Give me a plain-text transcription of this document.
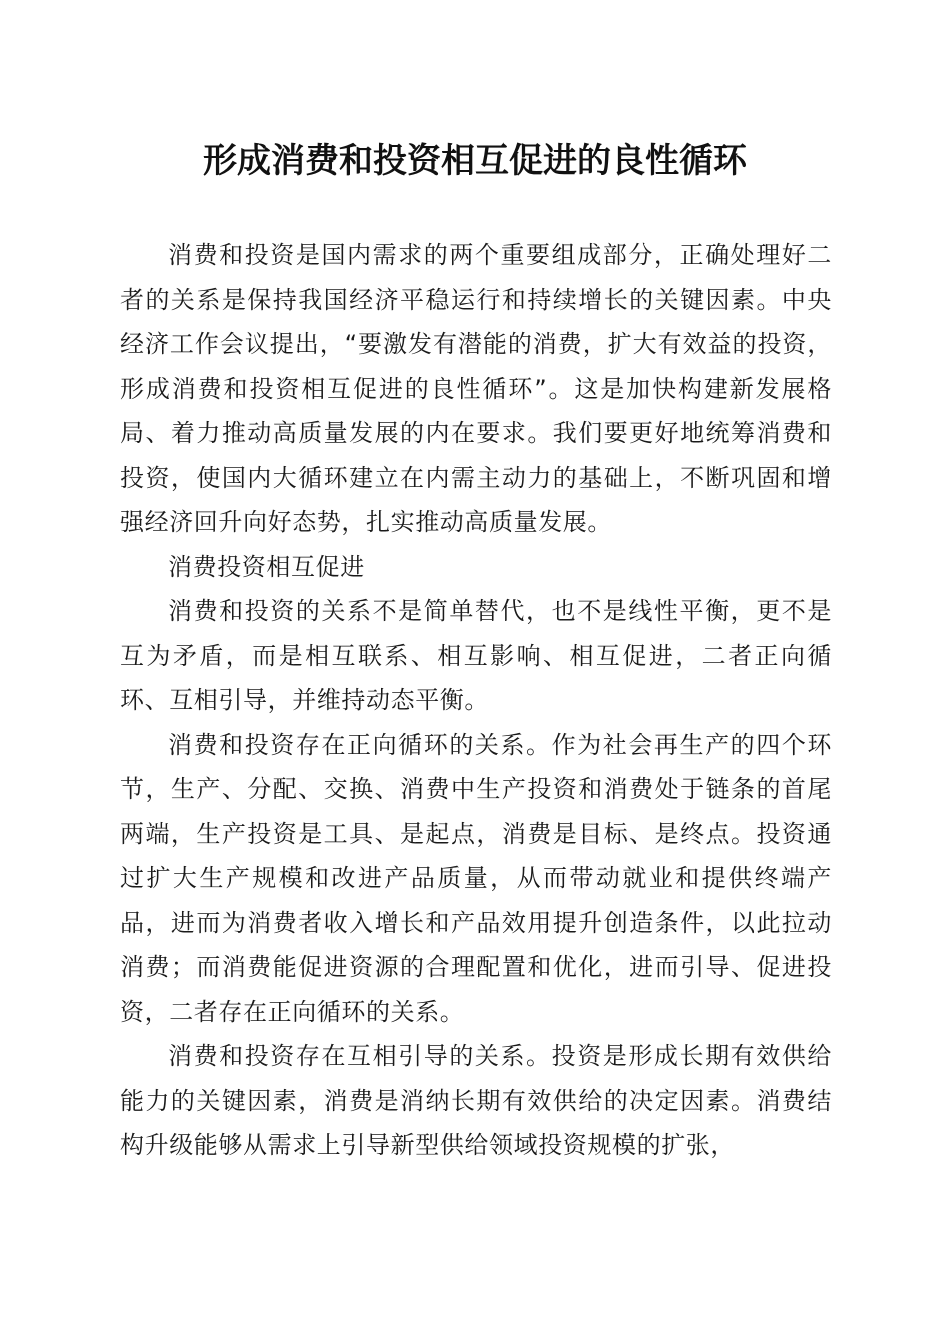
形成消费和投资相互促进的良性循环

消费和投资是国内需求的两个重要组成部分，正确处理好二者的关系是保持我国经济平稳运行和持续增长的关键因素。中央经济工作会议提出，“要激发有潜能的消费，扩大有效益的投资，形成消费和投资相互促进的良性循环”。这是加快构建新发展格局、着力推动高质量发展的内在要求。我们要更好地统筹消费和投资，使国内大循环建立在内需主动力的基础上，不断巩固和增强经济回升向好态势，扎实推动高质量发展。

消费投资相互促进

消费和投资的关系不是简单替代，也不是线性平衡，更不是互为矛盾，而是相互联系、相互影响、相互促进，二者正向循环、互相引导，并维持动态平衡。

消费和投资存在正向循环的关系。作为社会再生产的四个环节，生产、分配、交换、消费中生产投资和消费处于链条的首尾两端，生产投资是工具、是起点，消费是目标、是终点。投资通过扩大生产规模和改进产品质量，从而带动就业和提供终端产品，进而为消费者收入增长和产品效用提升创造条件，以此拉动消费；而消费能促进资源的合理配置和优化，进而引导、促进投资，二者存在正向循环的关系。

消费和投资存在互相引导的关系。投资是形成长期有效供给能力的关键因素，消费是消纳长期有效供给的决定因素。消费结构升级能够从需求上引导新型供给领域投资规模的扩张，
